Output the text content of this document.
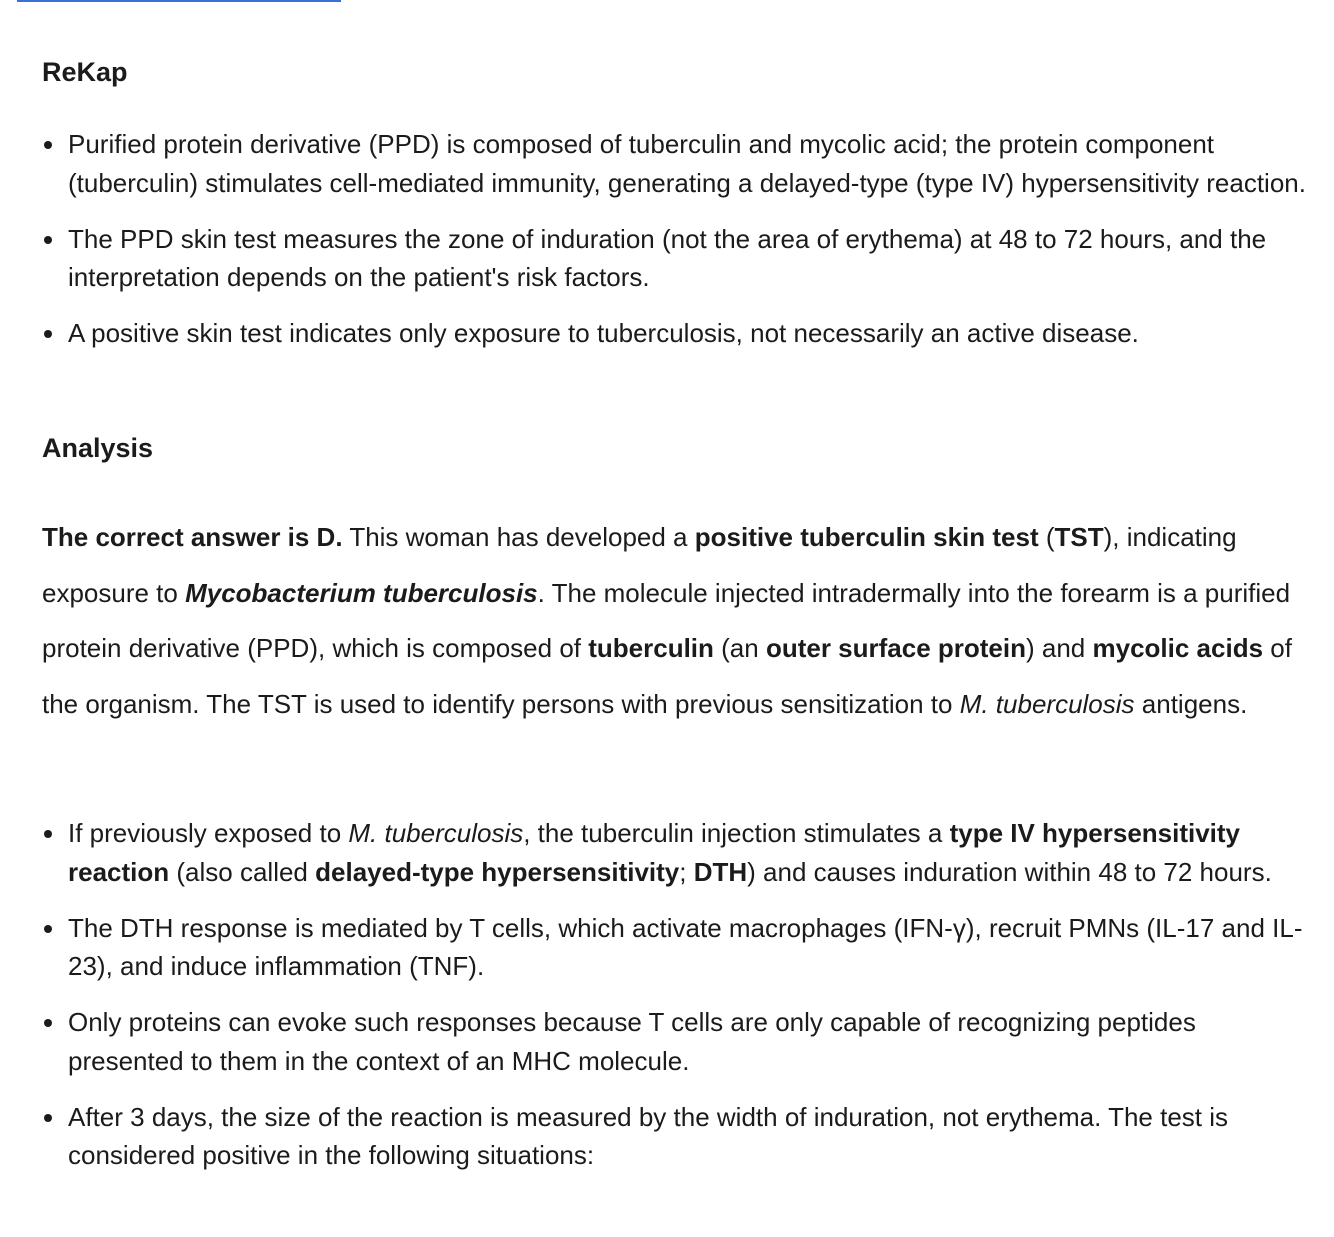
ReKap
Purified protein derivative (PPD) is composed of tuberculin and mycolic acid; the protein component (tuberculin) stimulates cell-mediated immunity, generating a delayed-type (type IV) hypersensitivity reaction.
The PPD skin test measures the zone of induration (not the area of erythema) at 48 to 72 hours, and the interpretation depends on the patient's risk factors.
A positive skin test indicates only exposure to tuberculosis, not necessarily an active disease.
Analysis

The correct answer is D. This woman has developed a positive tuberculin skin test (TST), indicating exposure to Mycobacterium tuberculosis. The molecule injected intradermally into the forearm is a purified protein derivative (PPD), which is composed of tuberculin (an outer surface protein) and mycolic acids of the organism. The TST is used to identify persons with previous sensitization to M. tuberculosis antigens.

If previously exposed to M. tuberculosis, the tuberculin injection stimulates a type IV hypersensitivity reaction (also called delayed-type hypersensitivity; DTH) and causes induration within 48 to 72 hours.
The DTH response is mediated by T cells, which activate macrophages (IFN-γ), recruit PMNs (IL-17 and IL-23), and induce inflammation (TNF).
Only proteins can evoke such responses because T cells are only capable of recognizing peptides presented to them in the context of an MHC molecule.
After 3 days, the size of the reaction is measured by the width of induration, not erythema. The test is considered positive in the following situations:
